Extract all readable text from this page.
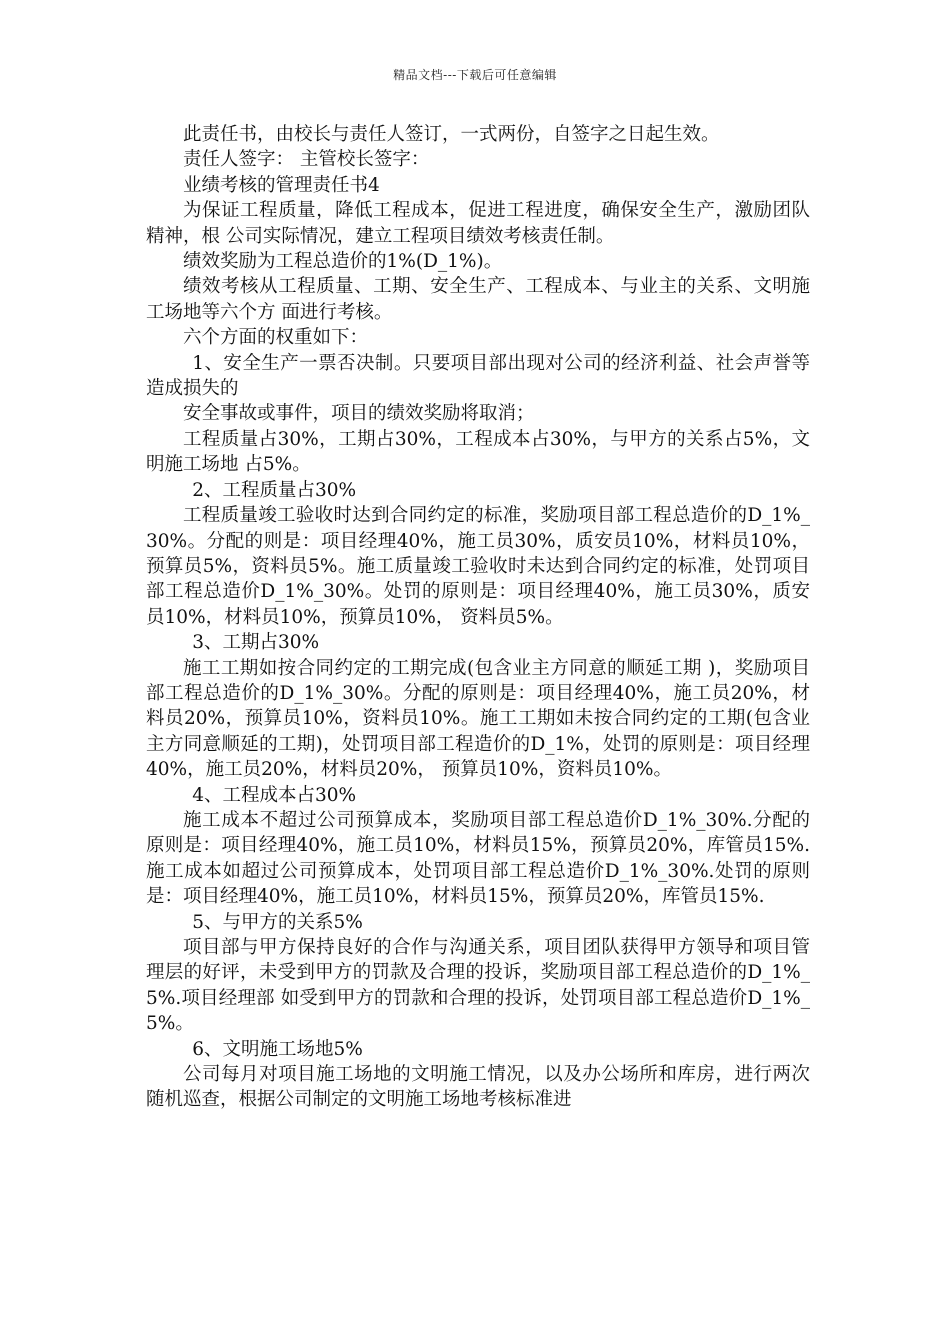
精品文档---下载后可任意编辑

此责任书，由校长与责任人签订，一式两份，自签字之日起生效。

责任人签字： 主管校长签字：

业绩考核的管理责任书4

为保证工程质量，降低工程成本，促进工程进度，确保安全生产，激励团队精神，根 公司实际情况，建立工程项目绩效考核责任制。

绩效奖励为工程总造价的1%(D_1%)。

绩效考核从工程质量、工期、安全生产、工程成本、与业主的关系、文明施工场地等六个方 面进行考核。

六个方面的权重如下：

1、安全生产一票否决制。只要项目部出现对公司的经济利益、社会声誉等造成损失的

安全事故或事件，项目的绩效奖励将取消；

工程质量占30%，工期占30%，工程成本占30%，与甲方的关系占5%，文明施工场地 占5%。

2、工程质量占30%

工程质量竣工验收时达到合同约定的标准，奖励项目部工程总造价的D_1%_30%。分配的则是：项目经理40%，施工员30%，质安员10%，材料员10%，预算员5%，资料员5%。施工质量竣工验收时未达到合同约定的标准，处罚项目部工程总造价D_1%_30%。处罚的原则是：项目经理40%，施工员30%，质安员10%，材料员10%，预算员10%， 资料员5%。

3、工期占30%

施工工期如按合同约定的工期完成(包含业主方同意的顺延工期 )，奖励项目部工程总造价的D_1%_30%。分配的原则是：项目经理40%，施工员20%，材料员20%，预算员10%，资料员10%。施工工期如未按合同约定的工期(包含业主方同意顺延的工期)，处罚项目部工程造价的D_1%，处罚的原则是：项目经理40%，施工员20%，材料员20%， 预算员10%，资料员10%。

4、工程成本占30%

施工成本不超过公司预算成本，奖励项目部工程总造价D_1%_30%.分配的原则是：项目经理40%，施工员10%，材料员15%，预算员20%，库管员15%.施工成本如超过公司预算成本，处罚项目部工程总造价D_1%_30%.处罚的原则是：项目经理40%，施工员10%，材料员15%，预算员20%，库管员15%.

5、与甲方的关系5%

项目部与甲方保持良好的合作与沟通关系，项目团队获得甲方领导和项目管理层的好评，未受到甲方的罚款及合理的投诉，奖励项目部工程总造价的D_1%_5%.项目经理部 如受到甲方的罚款和合理的投诉，处罚项目部工程总造价D_1%_5%。

6、文明施工场地5%

公司每月对项目施工场地的文明施工情况，以及办公场所和库房，进行两次随机巡查，根据公司制定的文明施工场地考核标准进
